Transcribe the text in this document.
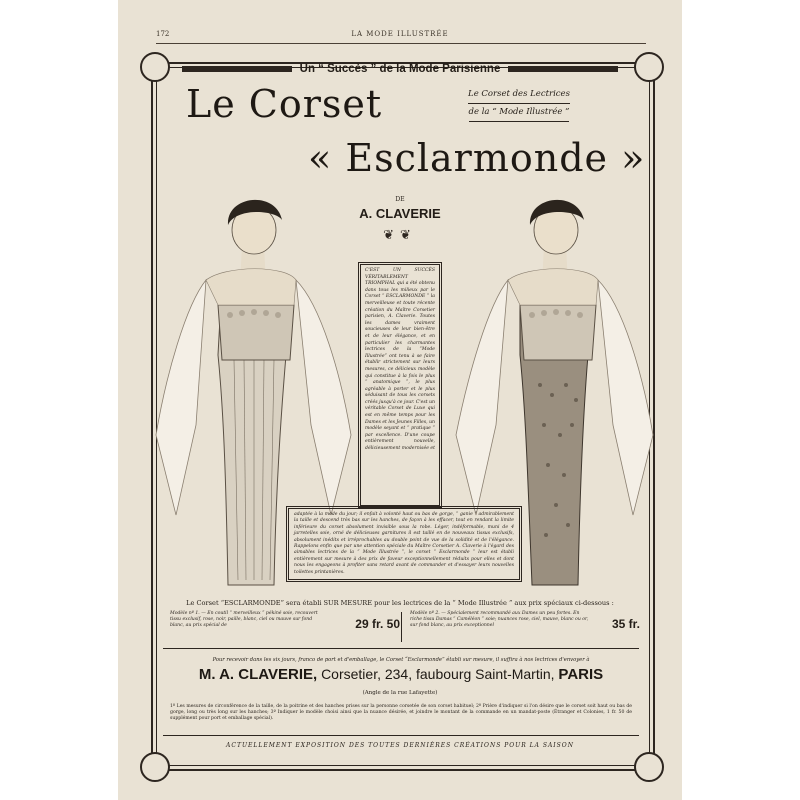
172	LA MODE ILLUSTRÉE
Un “ Succès ” de la Mode Parisienne
Le Corset
« Esclarmonde »
Le Corset des Lectrices
de la “ Mode Illustrée ”
DE
A. CLAVERIE
❦❦
C'EST UN SUCCÈS VÉRITABLEMENT TRIOMPHAL qui a été obtenu dans tous les milieux par le Corset “ ESCLARMONDE ” la merveilleuse et toute récente création du Maître Corsetier parisien, A. Claverie. Toutes les dames vraiment soucieuses de leur bien-être et de leur élégance, et en particulier les charmantes lectrices de la “Mode Illustrée” ont tenu à se faire établir strictement sur leurs mesures, ce délicieux modèle qui constitue à la fois le plus “ anatomique ”, le plus agréable à porter et le plus séduisant de tous les corsets créés jusqu'à ce jour. C'est un véritable Corset de Luxe qui est en même temps pour les Dames et les Jeunes Filles, un modèle seyant et “ pratique ” par excellence. D'une coupe entièrement nouvelle, délicieusement modernisée et
adaptée à la mode du jour; il enfait à volonté haut ou bas de gorge, “ ganie ” admirablement la taille et descend très bas sur les hanches, de façon à les effacer, tout en rendant la limite inférieure du corset absolument invisible sous la robe. Léger, indéformable, muni de 4 jarretelles soie, orné de délicieuses garnitures il est taillé en de nouveaux tissus exclusifs, absolument inédits et irréprochables au double point de vue de la solidité et de l'élégance. Rappelons enfin que par une attention spéciale du Maître Corsetier A. Claverie à l'égard des aimables lectrices de la “ Mode Illustrée ”, le corset “ Esclarmonde ” leur est établi entièrement sur mesure à des prix de faveur exceptionnellement réduits pour elles et dont nous les engageons à profiter sans retard avant de commander et d'essayer leurs nouvelles toilettes printanières.
Le Corset “ESCLARMONDE” sera établi SUR MESURE pour les lectrices de la “ Mode Illustrée ” aux prix spéciaux ci-dessous :
Modèle nº 1. — En coutil “ merveilleux ” pékiné soie, recouvert tissu exclusif, rose, noir, paille, blanc, ciel ou mauve sur fond blanc, au prix spécial de	29 fr. 50
Modèle nº 2. — Spécialement recommandé aux Dames un peu fortes. En riche tissu Damas “ Caméléon ” soie; nuances rose, ciel, mauve, blanc ou or, sur fond blanc, au prix exceptionnel	35 fr.
Pour recevoir dans les six jours, franco de port et d'emballage, le Corset “Esclarmonde” établi sur mesure, il suffira à nos lectrices d'envoyer à
M. A. CLAVERIE, Corsetier, 234, faubourg Saint-Martin, PARIS
(Angle de la rue Lafayette)
1º Les mesures de circonférence de la taille, de la poitrine et des hanches prises sur la personne corsetée de son corset habituel; 2º Prière d'indiquer si l'on désire que le corset soit haut ou bas de gorge, long ou très long sur les hanches; 3º Indiquer le modèle choisi ainsi que la nuance désirée, et joindre le montant de la commande en un mandat-poste (Étranger et Colonies, 1 fr. 50 de supplément pour port et emballage spécial).
ACTUELLEMENT EXPOSITION DES TOUTES DERNIÈRES CRÉATIONS POUR LA SAISON
